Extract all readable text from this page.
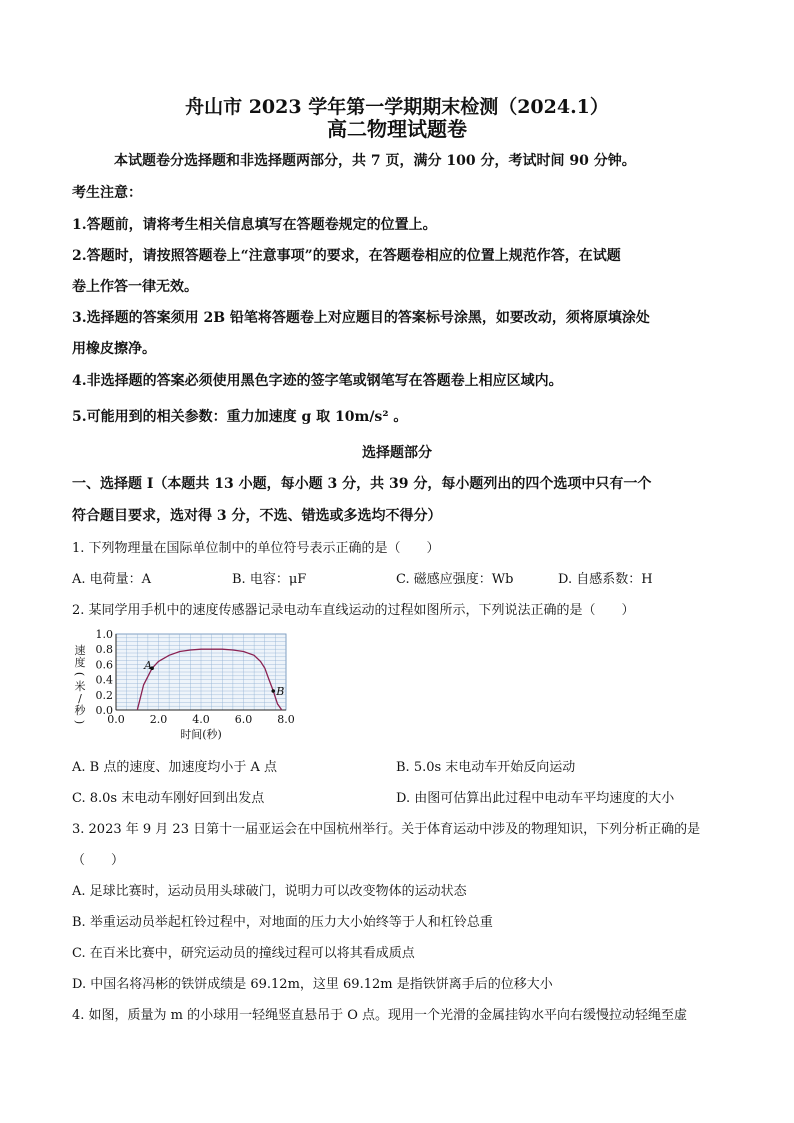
舟山市 2023 学年第一学期期末检测（2024.1）
高二物理试题卷
本试题卷分选择题和非选择题两部分，共 7 页，满分 100 分，考试时间 90 分钟。
考生注意：
1.答题前，请将考生相关信息填写在答题卷规定的位置上。
2.答题时，请按照答题卷上“注意事项”的要求，在答题卷相应的位置上规范作答，在试题
卷上作答一律无效。
3.选择题的答案须用 2B 铅笔将答题卷上对应题目的答案标号涂黑，如要改动，须将原填涂处
用橡皮擦净。
4.非选择题的答案必须使用黑色字迹的签字笔或钢笔写在答题卷上相应区域内。
5.可能用到的相关参数：重力加速度 g 取 10m/s² 。
选择题部分
一、选择题 Ⅰ（本题共 13 小题，每小题 3 分，共 39 分，每小题列出的四个选项中只有一个
符合题目要求，选对得 3 分，不选、错选或多选均不得分）
1. 下列物理量在国际单位制中的单位符号表示正确的是（　　）
A. 电荷量：A	B. 电容：μF	C. 磁感应强度：Wb	D. 自感系数：H
2. 某同学用手机中的速度传感器记录电动车直线运动的过程如图所示，下列说法正确的是（　　）
0.0 2.0 4.0 6.0 8.0
0.0
0.2
0.4
0.6
0.8
1.0
A
B
时间(秒)
速
度
(
米
/
秒
)
A. B 点的速度、加速度均小于 A 点	B. 5.0s 末电动车开始反向运动
C. 8.0s 末电动车刚好回到出发点	D. 由图可估算出此过程中电动车平均速度的大小
3. 2023 年 9 月 23 日第十一届亚运会在中国杭州举行。关于体育运动中涉及的物理知识，下列分析正确的是
（　　）
A. 足球比赛时，运动员用头球破门，说明力可以改变物体的运动状态
B. 举重运动员举起杠铃过程中，对地面的压力大小始终等于人和杠铃总重
C. 在百米比赛中，研究运动员的撞线过程可以将其看成质点
D. 中国名将冯彬的铁饼成绩是 69.12m，这里 69.12m 是指铁饼离手后的位移大小
4. 如图，质量为 m 的小球用一轻绳竖直悬吊于 O 点。现用一个光滑的金属挂钩水平向右缓慢拉动轻绳至虚
